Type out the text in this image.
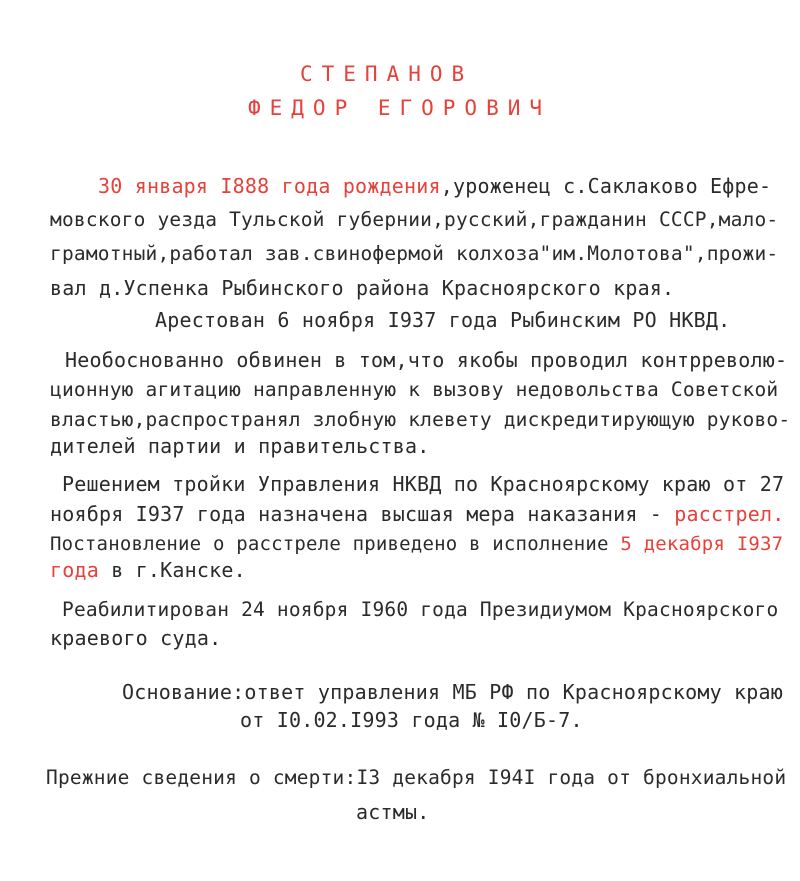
СТЕПАНОВ
ФЕДОР ЕГОРОВИЧ
30 января I888 года рождения,уроженец с.Саклаково Ефре-
мовского уезда Тульской губернии,русский,гражданин СССР,мало-
грамотный,работал зав.свинофермой колхоза"им.Молотова",прожи-
вал д.Успенка Рыбинского района Красноярского края.
Арестован 6 ноября I937 года Рыбинским РО НКВД.
Необоснованно обвинен в том,что якобы проводил контрреволю-
ционную агитацию направленную к вызову недовольства Советской
властью,распространял злобную клевету дискредитирующую руково-
дителей партии и правительства.
Решением тройки Управления НКВД по Красноярскому краю от 27
ноября I937 года назначена высшая мера наказания - расстрел.
Постановление о расстреле приведено в исполнение 5 декабря I937
года в г.Канске.
Реабилитирован 24 ноября I960 года Президиумом Красноярского
краевого суда.
Основание:ответ управления МБ РФ по Красноярскому краю
от I0.02.I993 года № I0/Б-7.
Прежние сведения о смерти:I3 декабря I94I года от бронхиальной
астмы.
